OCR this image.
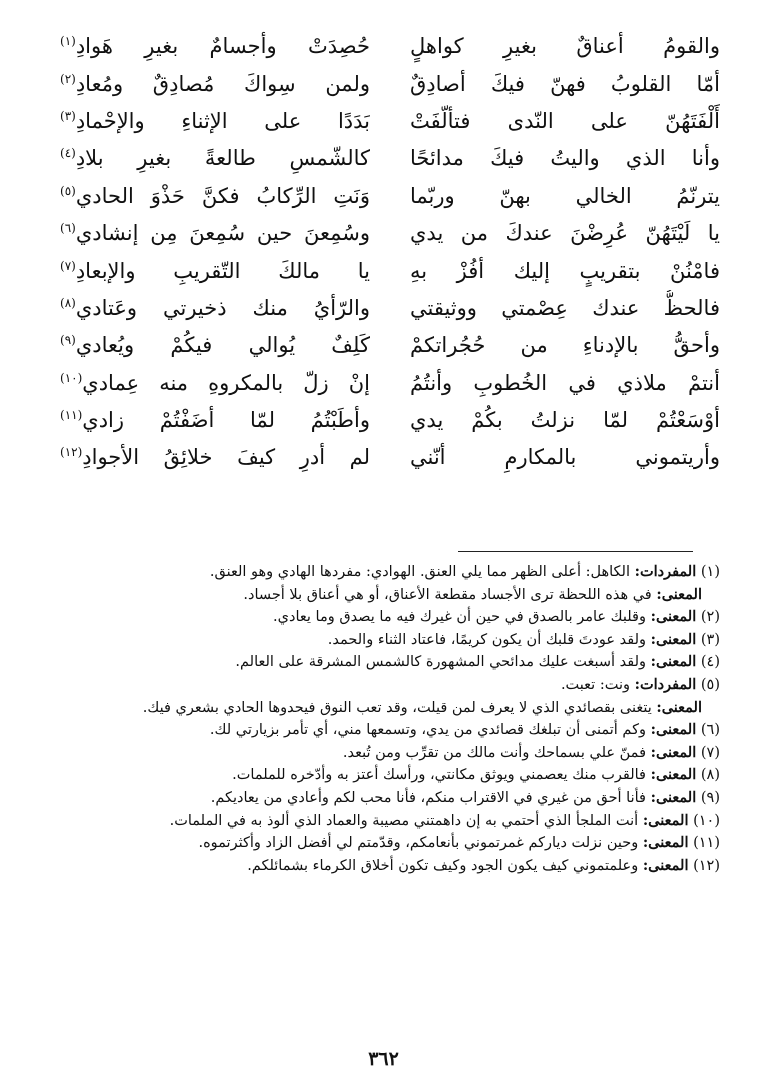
والقومُ أعناقٌ بغيرِ كواهلٍ
حُصِدَتْ وأجسامٌ بغيرِ هَوادِ$^{(١)}$
أمّا القلوبُ فهنّ فيكَ أصادِقٌ
ولمن سِواكَ مُصادِقٌ ومُعادِ$^{(٢)}$
أَلْفَتَهُنّ على النّدى فتألّفَتْ
بَدَدًا على الإثناءِ والإحْمادِ$^{(٣)}$
وأنا الذي واليتُ فيكَ مدائحًا
كالشّمسِ طالعةً بغيرِ بلادِ$^{(٤)}$
يترنّمُ الخالي بهنّ وربّما
وَنَتِ الرِّكابُ فكنَّ حَذْوَ الحادي$^{(٥)}$
يا لَيْتَهُنّ عُرِضْنَ عندكَ من يدي
وسُمِعنَ حين سُمِعنَ مِن إنشادي$^{(٦)}$
فامْنُنْ بتقريبٍ إليك أفُزْ بهِ
يا مالكَ التّقريبِ والإبعادِ$^{(٧)}$
فالحظُّ عندك عِصْمتي ووثيقتي
والرّأيُ منك ذخيرتي وعَتادي$^{(٨)}$
وأحقُّ بالإدناءِ من حُجُراتكمْ
كَلِفٌ يُوالي فيكُمْ ويُعادي$^{(٩)}$
أنتمْ ملاذي في الخُطوبِ وأنتُمُ
إنْ زلّ بالمكروهِ منه عِمادي$^{(١٠)}$
أوْسَعْتُمْ لمّا نزلتُ بكُمْ يدي
وأطَبْتُمُ لمّا أضَفْتُمْ زادي$^{(١١)}$
وأريتموني بالمكارمِ أنّني
لم أدرِ كيفَ خلائِقُ الأجوادِ$^{(١٢)}$
(١) المفردات: الكاهل: أعلى الظهر مما يلي العنق. الهوادي: مفردها الهادي وهو العنق.
المعنى: في هذه اللحظة ترى الأجساد مقطعة الأعناق، أو هي أعناق بلا أجساد.
(٢) المعنى: وقلبك عامر بالصدق في حين أن غيرك فيه ما يصدق وما يعادي.
(٣) المعنى: ولقد عودتَ قلبك أن يكون كريمًا، فاعتاد الثناء والحمد.
(٤) المعنى: ولقد أسبغت عليك مدائحي المشهورة كالشمس المشرقة على العالم.
(٥) المفردات: ونت: تعبت.
المعنى: يتغنى بقصائدي الذي لا يعرف لمن قيلت، وقد تعب النوق فيحدوها الحادي بشعري فيك.
(٦) المعنى: وكم أتمنى أن تبلغك قصائدي من يدي، وتسمعها مني، أي تأمر بزيارتي لك.
(٧) المعنى: فمنّ علي بسماحك وأنت مالك من تقرِّب ومن تُبعد.
(٨) المعنى: فالقرب منك يعصمني ويوثق مكانتي، ورأسك أعتز به وأدّخره للملمات.
(٩) المعنى: فأنا أحق من غيري في الاقتراب منكم، فأنا محب لكم وأعادي من يعاديكم.
(١٠) المعنى: أنت الملجأ الذي أحتمي به إن داهمتني مصيبة والعماد الذي ألوذ به في الملمات.
(١١) المعنى: وحين نزلت دياركم غمرتموني بأنعامكم، وقدّمتم لي أفضل الزاد وأكثرتموه.
(١٢) المعنى: وعلمتموني كيف يكون الجود وكيف تكون أخلاق الكرماء بشمائلكم.
٣٦٢
